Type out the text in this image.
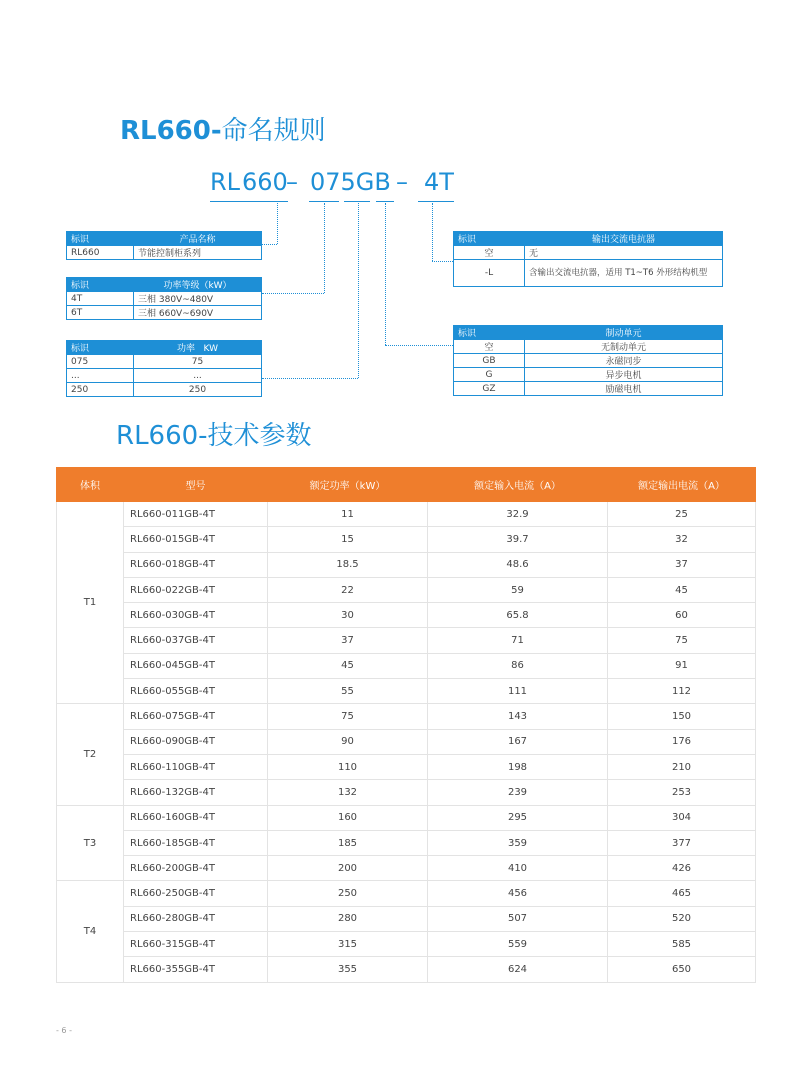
RL660-命名规则
RL 660
– 075GB – 4T
标识	产品名称
RL660	节能控制柜系列
标识	功率等级（kW）
4T	三相 380V~480V
6T	三相 660V~690V
标识	功率   KW
075	75
...	...
250	250
标识	输出交流电抗器
空	无
-L	含输出交流电抗器，适用 T1~T6 外形结构机型
标识	制动单元
空	无制动单元
GB	永磁同步
G	异步电机
GZ	励磁电机
RL660-技术参数
体积	型号	额定功率（kW）	额定输入电流（A）	额定输出电流（A）
T1	RL660-011GB-4T	11	32.9	25
	RL660-015GB-4T	15	39.7	32
	RL660-018GB-4T	18.5	48.6	37
	RL660-022GB-4T	22	59	45
	RL660-030GB-4T	30	65.8	60
	RL660-037GB-4T	37	71	75
	RL660-045GB-4T	45	86	91
	RL660-055GB-4T	55	111	112
T2	RL660-075GB-4T	75	143	150
	RL660-090GB-4T	90	167	176
	RL660-110GB-4T	110	198	210
	RL660-132GB-4T	132	239	253
T3	RL660-160GB-4T	160	295	304
	RL660-185GB-4T	185	359	377
	RL660-200GB-4T	200	410	426
T4	RL660-250GB-4T	250	456	465
	RL660-280GB-4T	280	507	520
	RL660-315GB-4T	315	559	585
	RL660-355GB-4T	355	624	650
- 6 -
